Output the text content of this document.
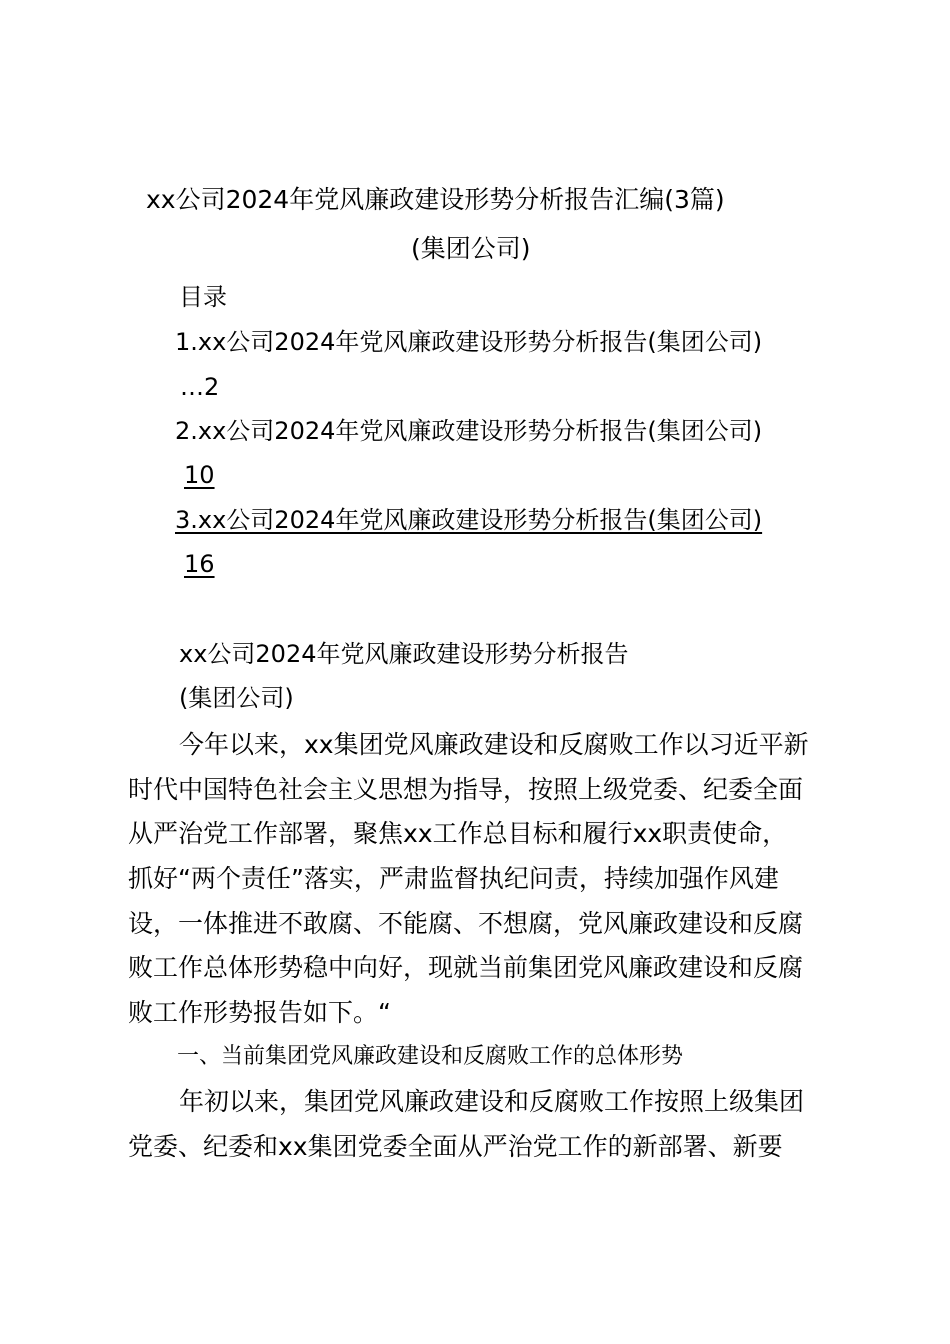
xx公司2024年党风廉政建设形势分析报告汇编(3篇)
(集团公司)
目录
1.xx公司2024年党风廉政建设形势分析报告(集团公司)
…2
2.xx公司2024年党风廉政建设形势分析报告(集团公司)
10
3.xx公司2024年党风廉政建设形势分析报告(集团公司)
16
xx公司2024年党风廉政建设形势分析报告
(集团公司)
今年以来，xx集团党风廉政建设和反腐败工作以习近平新
时代中国特色社会主义思想为指导，按照上级党委、纪委全面
从严治党工作部署，聚焦xx工作总目标和履行xx职责使命，
抓好“两个责任”落实，严肃监督执纪问责，持续加强作风建
设，一体推进不敢腐、不能腐、不想腐，党风廉政建设和反腐
败工作总体形势稳中向好，现就当前集团党风廉政建设和反腐
败工作形势报告如下。“
一、当前集团党风廉政建设和反腐败工作的总体形势
年初以来，集团党风廉政建设和反腐败工作按照上级集团
党委、纪委和xx集团党委全面从严治党工作的新部署、新要
